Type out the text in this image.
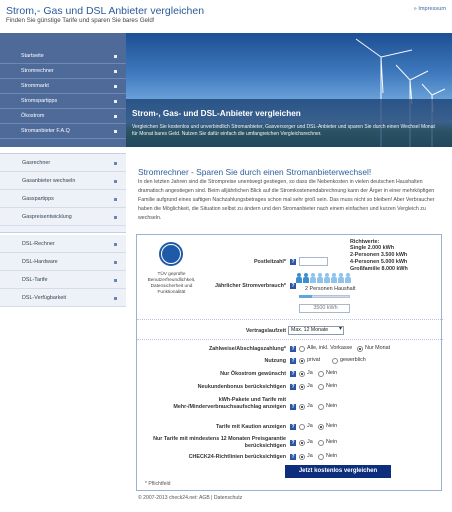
Strom,- Gas und DSL Anbieter vergleichen
Finden Sie günstige Tarife und sparen Sie bares Geld!
» Impressum
Startseite
Stromrechner
Strommarkt
Stromspartipps
Ökostrom
Stromanbieter F.A.Q
Gasrechner
Gasanbieter wechseln
Gasspartipps
Gaspreisentwicklung
DSL-Rechner
DSL-Hardware
DSL-Tarife
DSL-Verfügbarkeit
Strom-, Gas- und DSL-Anbieter vergleichen
Vergleichen Sie kostenlos und unverbindlich Stromanbieter, Gasversorger und DSL-Anbieter und sparen Sie durch einen Wechsel Monat für Monat bares Geld. Nutzen Sie dafür einfach die umfangreichen Vergleichsrechner.
Stromrechner - Sparen Sie durch einen Stromanbieterwechsel!
In den letzten Jahren sind die Strompreise unentwegt gestiegen, so dass die Nebenkosten in vielen deutschen Haushalten dramatisch angestiegen sind. Beim alljährlichen Blick auf die Stromkostenendabrechnung kann der Ärger in einer mehrköpfigen Familie aufgrund eines saftigen Nachzahlungsbetrages schon mal sehr groß sein. Das muss nicht so bleiben! Aber Verbraucher haben die Möglichkeit, die Situation selbst zu ändern und den Stromanbieter nach einem einfachen und kurzen Vergleich zu wechseln.
TÜV geprüfte Benutzerfreundlichkeit, Datensicherheit und Funktionalität
Postleitzahl* ?
Richtwerte:
Single 2.000 kWh
2-Personen 3.500 kWh
4-Personen 5.000 kWh
Großfamilie 8.000 kWh
Jährlicher Stromverbrauch* ? 2 Personen Haushalt
3500 kWh
Vertragslaufzeit Max. 12 Monate ▾
Zahlweise/Abschlagszahlung* ? Alle, inkl. Vorkasse Nur Monat
Nutzung ? privat	gewerblich
Nur Ökostrom gewünscht ? Ja Nein
Neukundenbonus berücksichtigen ? Ja Nein
kWh-Pakete und Tarife mit Mehr-/Minderverbrauchsaufschlag anzeigen ? Ja Nein
Tarife mit Kaution anzeigen ? Ja Nein
Nur Tarife mit mindestens 12 Monaten Preisgarantie berücksichtigen ? Ja Nein
CHECK24-Richtlinien berücksichtigen ? Ja Nein
Jetzt kostenlos vergleichen
* Pflichtfeld
© 2007-2013 check24.net: AGB | Datenschutz
